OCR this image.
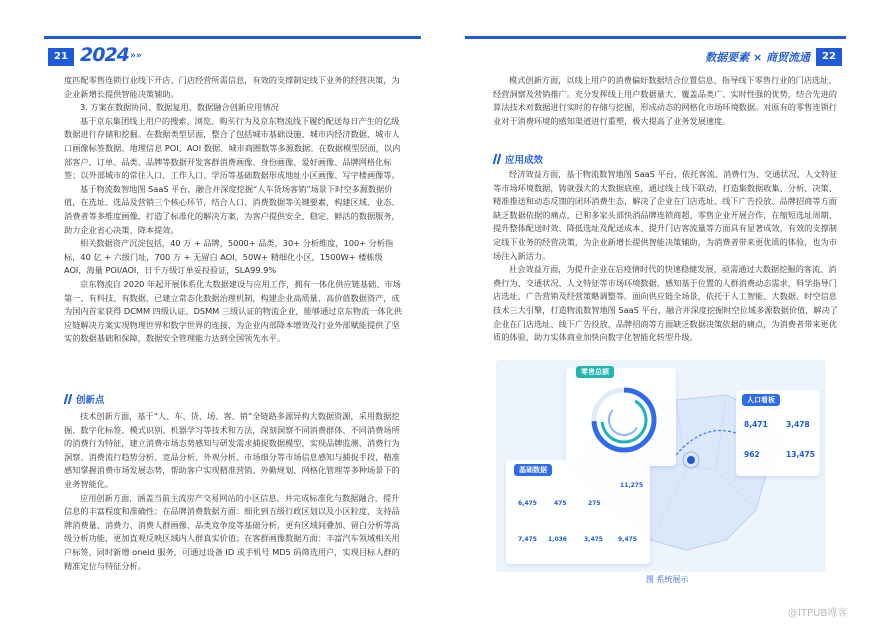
21 2024 »»

度匹配零售连锁行业线下开店、门店经营所需信息，有效的支撑制定线下业务的经营决策，为企业新增长提供智能决策辅助。

3. 方案在数据协同、数据复用、数据融合创新应用情况

基于京东集团线上用户的搜索、浏览、购买行为及京东物流线下履约配送每日产生的亿级数据进行存储和挖掘。在数据类型层面，整合了包括城市基础设施、城市内经济数据、城市人口画像标签数据、地理信息 POI、AOI 数据、城市商圈数等多源数据。在数据模型层面，以内部客户、订单、品类、品牌等数据开发客群消费画像、身份画像、爱好画像、品牌网格化标签；以外部城市的常住人口、工作人口、学历等基础数据形成地址小区画像、写字楼画像等。

基于物流数智地图 SaaS 平台，融合并深度挖掘“人车货场客销”场景下时空多源数据价值，在选址、选品及营销三个核心环节，结合人口、消费数据等关键要素，构建区域、业态、消费者等多维度画像，打造了标准化的解决方案，为客户提供安全、稳定、鲜活的数据服务，助力企业省心决策、降本提效。

相关数据资产沉淀包括，40 万 + 品牌，5000+ 品类，30+ 分析维度，100+ 分析指标，40 亿 + 六级门址，700 万 + 无留白 AOI，50W+ 精细化小区，1500W+ 楼栋级 AOI，海量 POI/AOI，日千万级订单妥投验证，SLA99.9%

京东物流自 2020 年起开展体系化大数据建设与应用工作，拥有一体化供应链基础、市场第一、有科技、有数据，已建立常态化数据治理机制，构建企业高质量、高价值数据资产，成为国内首家获得 DCMM 四级认证、DSMM 三级认证的物流企业，能够通过京东物流一体化供应链解决方案实现物理世界和数字世界的连接，为企业内部降本增效及行业外部赋能提供了坚实的数据基础和保障，数据安全管理能力达到全国领先水平。

创新点

技术创新方面，基于“人、车、货、场、客、销”全链路多源异构大数据资源，采用数据挖掘、数字化标签、模式识别、机器学习等技术和方法，深刻洞察不同消费群体、不同消费场所的消费行为特征，建立消费市场态势感知与研发需求捕捉数据模型，实现品牌监测、消费行为洞察、消费流行趋势分析、竞品分析、外观分析、市场细分等市场信息感知与捕捉手段，精准感知掌握消费市场发展态势，帮助客户实现精准营销、外勤规划、网格化管理等多种场景下的业务智能化。

应用创新方面，涵盖当前主流房产交易网站的小区信息，并完成标准化与数据融合，提升信息的丰富程度和准确性；在品牌消费数据方面：细化到五级行政区划以及小区粒度，支持品牌消费量、消费力、消费人群画像、品类竞争度等基础分析，更有区域间叠加、留白分析等高级分析功能，更加直观反映区域内人群真实价值；在客群画像数据方面：丰富汽车领域相关用户标签，同时新增 oneid 服务，可通过设备 ID 或手机号 MD5 码筛选用户，实现目标人群的精准定位与特征分析。

数据要素 × 商贸流通	22

模式创新方面，以线上用户的消费偏好数据结合位置信息，指导线下零售行业的门店选址、经营洞察及营销推广。充分发挥线上用户数据量大、覆盖品类广、实时性强的优势，结合先进的算法技术对数据进行实时的存储与挖掘，形成动态的网格化市场环境数据。对原有的零售连锁行业对于消费环境的感知渠道进行重塑，极大提高了业务发展速度。

应用成效

经济效益方面，基于物流数智地图 SaaS 平台，依托客流、消费行为、交通状况、人文特征等市场环境数据，铸就强大的大数据底座，通过线上线下联动，打造集数据收集、分析、决策、精准推送和动态反馈的闭环消费生态，解决了企业在门店选址、线下广告投放、品牌招商等方面缺乏数据依据的痛点，已和多家头部快消品牌连锁商超、零售企业开展合作，在缩短选址周期、提升整体配送时效、降低选址及配送成本、提升门店客流量等方面具有显著成效，有效的支撑制定线下业务的经营决策，为企业新增长提供智能决策辅助，为消费者带来更优质的体验，也为市场注入新活力。

社会效益方面，为提升企业在后疫情时代的快速稳健发展，亟需通过大数据挖掘的客流、消费行为、交通状况、人文特征等市场环境数据，感知基于位置的人群消费动态需求，科学指导门店选址、广告营销及经营策略调整等。面向供应链全场景，依托于人工智能、大数据、时空信息技术三大引擎，打造物流数智地图 SaaS 平台，融合并深度挖掘时空位域多源数据价值，解决了企业在门店选址、线下广告投放、品牌招商等方面缺乏数据决策依据的痛点，为消费者带来更优质的体验，助力实体商业加快向数字化智能化转型升级。

零售总额
人口看板
8,471 3,478
962	13,475
基础数据
6,475	475	275
11,275
7,475 1,036	3,475	9,475
图 系统展示
@ITPUB博客
